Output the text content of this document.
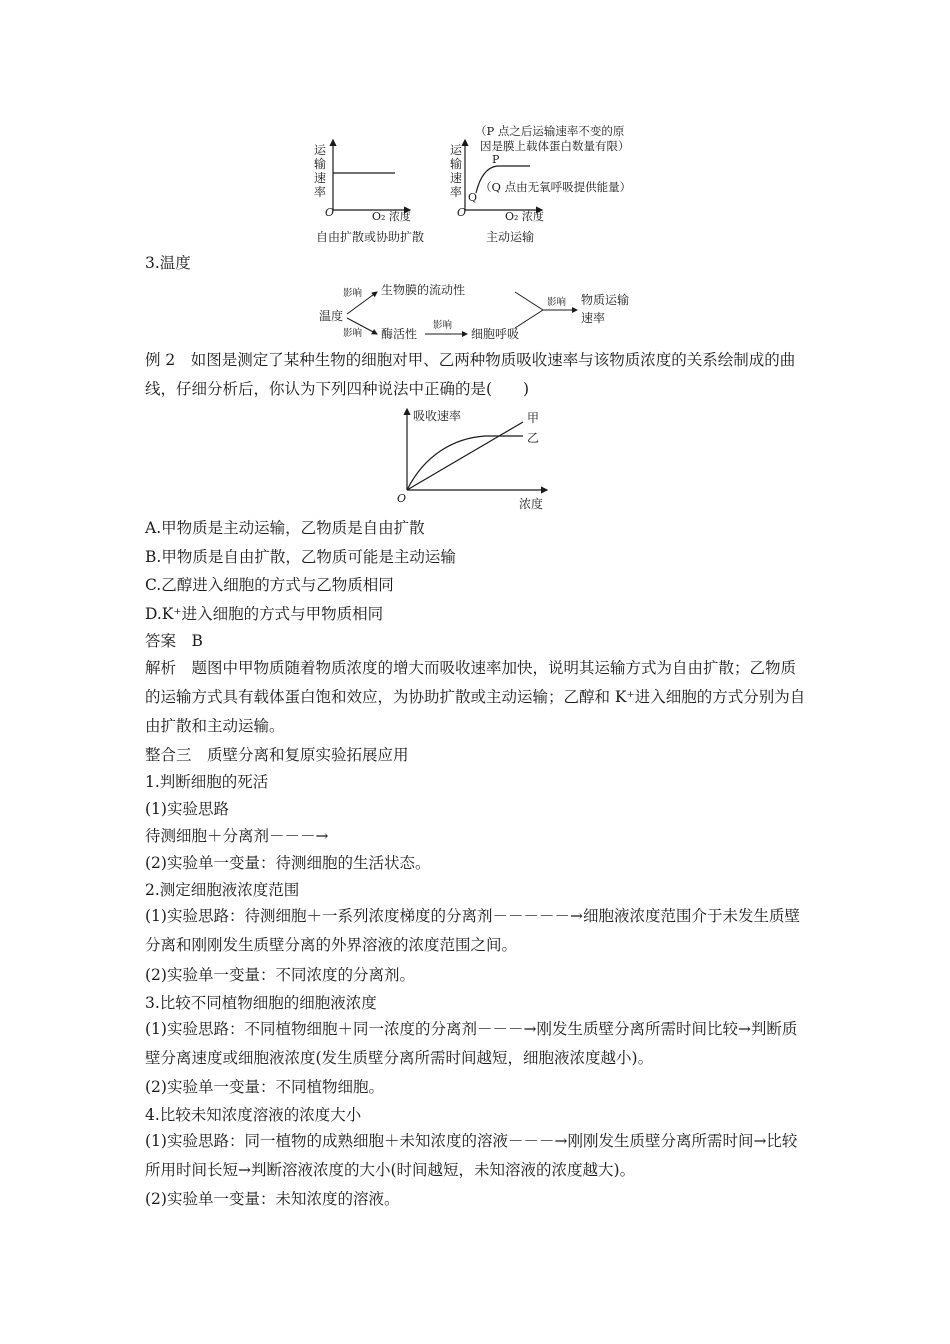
运
输
速
率
O	O₂ 浓度
自由扩散或协助扩散
运
输
速
率
O	O₂ 浓度
主动运输
P
Q
（P 点之后运输速率不变的原
因是膜上载体蛋白数量有限）
（Q 点由无氧呼吸提供能量）
3.温度
温度
影响
影响
生物膜的流动性
酶活性
影响
细胞呼吸
影响 物质运输
速率

例 2　如图是测定了某种生物的细胞对甲、乙两种物质吸收速率与该物质浓度的关系绘制成的曲线，仔细分析后，你认为下列四种说法中正确的是(　　)

吸收速率
浓度
O
甲
乙
A.甲物质是主动运输，乙物质是自由扩散
B.甲物质是自由扩散，乙物质可能是主动运输
C.乙醇进入细胞的方式与乙物质相同
D.K⁺进入细胞的方式与甲物质相同
答案　B

解析　题图中甲物质随着物质浓度的增大而吸收速率加快，说明其运输方式为自由扩散；乙物质的运输方式具有载体蛋白饱和效应，为协助扩散或主动运输；乙醇和 K⁺进入细胞的方式分别为自由扩散和主动运输。

整合三　质壁分离和复原实验拓展应用
1.判断细胞的死活
(1)实验思路
待测细胞＋分离剂－－－→
(2)实验单一变量：待测细胞的生活状态。
2.测定细胞液浓度范围
(1)实验思路：待测细胞＋一系列浓度梯度的分离剂－－－－－→细胞液浓度范围介于未发生质壁分离和刚刚发生质壁分离的外界溶液的浓度范围之间。
(2)实验单一变量：不同浓度的分离剂。
3.比较不同植物细胞的细胞液浓度
(1)实验思路：不同植物细胞＋同一浓度的分离剂－－－→刚发生质壁分离所需时间比较→判断质壁分离速度或细胞液浓度(发生质壁分离所需时间越短，细胞液浓度越小)。
(2)实验单一变量：不同植物细胞。
4.比较未知浓度溶液的浓度大小
(1)实验思路：同一植物的成熟细胞＋未知浓度的溶液－－－→刚刚发生质壁分离所需时间→比较所用时间长短→判断溶液浓度的大小(时间越短，未知溶液的浓度越大)。
(2)实验单一变量：未知浓度的溶液。
